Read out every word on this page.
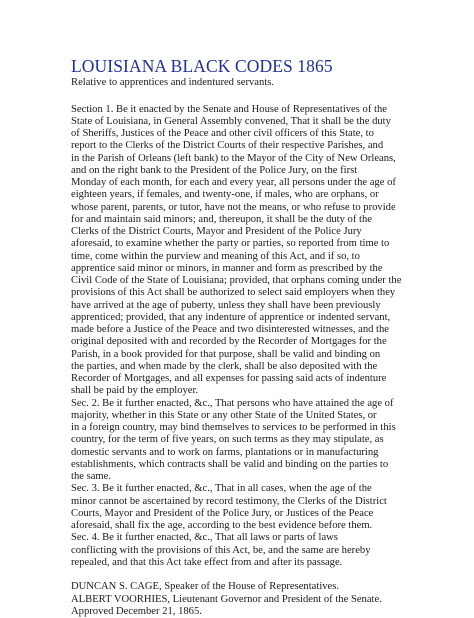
LOUISIANA BLACK CODES 1865
Relative to apprentices and indentured servants.
Section 1. Be it enacted by the Senate and House of Representatives of the
State of Louisiana, in General Assembly convened, That it shall be the duty
of Sheriffs, Justices of the Peace and other civil officers of this State, to
report to the Clerks of the District Courts of their respective Parishes, and
in the Parish of Orleans (left bank) to the Mayor of the City of New Orleans,
and on the right bank to the President of the Police Jury, on the first
Monday of each month, for each and every year, all persons under the age of
eighteen years, if females, and twenty-one, if males, who are orphans, or
whose parent, parents, or tutor, have not the means, or who refuse to provide
for and maintain said minors; and, thereupon, it shall be the duty of the
Clerks of the District Courts, Mayor and President of the Police Jury
aforesaid, to examine whether the party or parties, so reported from time to
time, come within the purview and meaning of this Act, and if so, to
apprentice said minor or minors, in manner and form as prescribed by the
Civil Code of the State of Louisiana; provided, that orphans coming under the
provisions of this Act shall be authorized to select said employers when they
have arrived at the age of puberty, unless they shall have been previously
apprenticed; provided, that any indenture of apprentice or indented servant,
made before a Justice of the Peace and two disinterested witnesses, and the
original deposited with and recorded by the Recorder of Mortgages for the
Parish, in a book provided for that purpose, shall be valid and binding on
the parties, and when made by the clerk, shall be also deposited with the
Recorder of Mortgages, and all expenses for passing said acts of indenture
shall be paid by the employer.
Sec. 2. Be it further enacted, &c., That persons who have attained the age of
majority, whether in this State or any other State of the United States, or
in a foreign country, may bind themselves to services to be performed in this
country, for the term of five years, on such terms as they may stipulate, as
domestic servants and to work on farms, plantations or in manufacturing
establishments, which contracts shall be valid and binding on the parties to
the same.
Sec. 3. Be it further enacted, &c., That in all cases, when the age of the
minor cannot be ascertained by record testimony, the Clerks of the District
Courts, Mayor and President of the Police Jury, or Justices of the Peace
aforesaid, shall fix the age, according to the best evidence before them.
Sec. 4. Be it further enacted, &c., That all laws or parts of laws
conflicting with the provisions of this Act, be, and the same are hereby
repealed, and that this Act take effect from and after its passage.
DUNCAN S. CAGE, Speaker of the House of Representatives.
ALBERT VOORHIES, Lieutenant Governor and President of the Senate.
Approved December 21, 1865.
